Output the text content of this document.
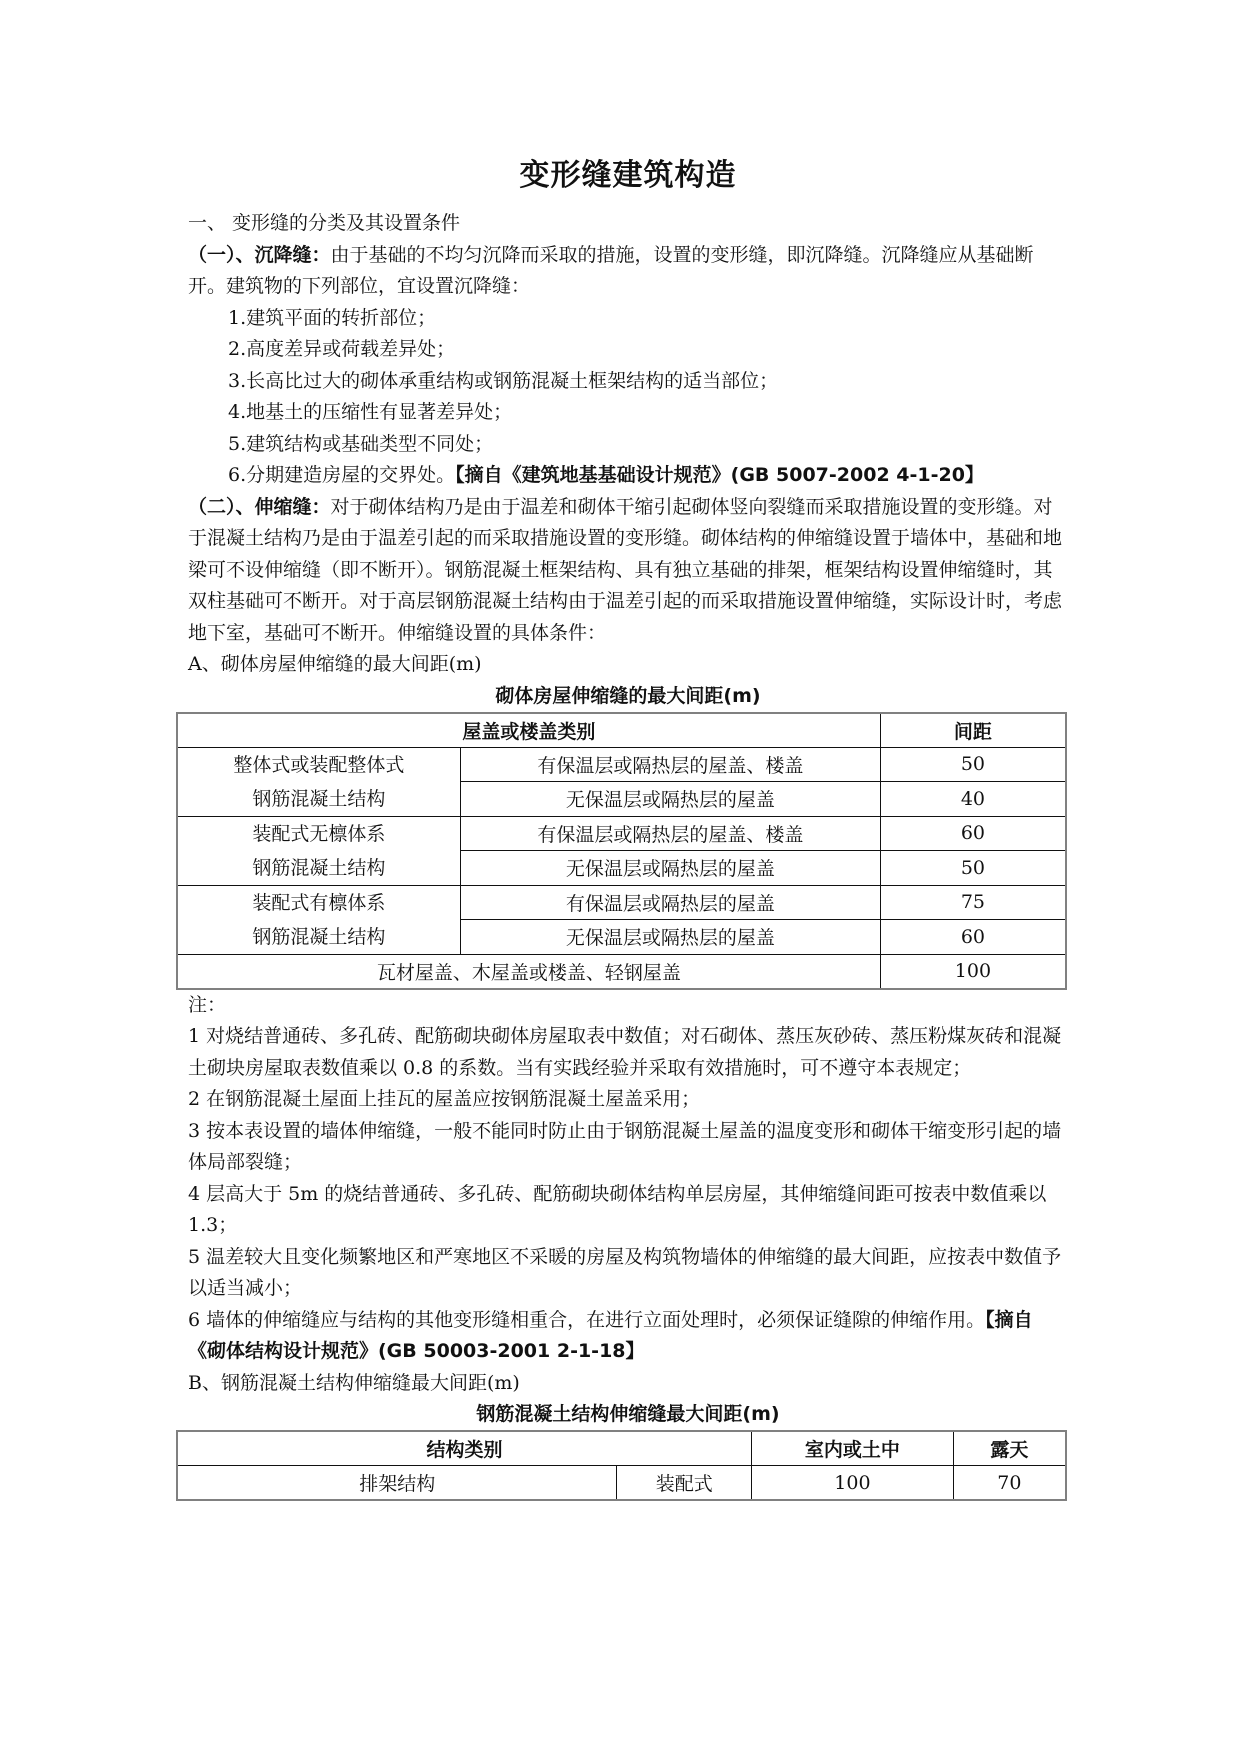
变形缝建筑构造

一、 变形缝的分类及其设置条件

（一）、沉降缝：由于基础的不均匀沉降而采取的措施，设置的变形缝，即沉降缝。沉降缝应从基础断开。建筑物的下列部位，宜设置沉降缝：

1.建筑平面的转折部位；

2.高度差异或荷载差异处；

3.长高比过大的砌体承重结构或钢筋混凝土框架结构的适当部位；

4.地基土的压缩性有显著差异处；

5.建筑结构或基础类型不同处；

6.分期建造房屋的交界处。【摘自《建筑地基基础设计规范》(GB 5007-2002 4-1-20】

（二）、伸缩缝：对于砌体结构乃是由于温差和砌体干缩引起砌体竖向裂缝而采取措施设置的变形缝。对于混凝土结构乃是由于温差引起的而采取措施设置的变形缝。砌体结构的伸缩缝设置于墙体中，基础和地梁可不设伸缩缝（即不断开）。钢筋混凝土框架结构、具有独立基础的排架，框架结构设置伸缩缝时，其双柱基础可不断开。对于高层钢筋混凝土结构由于温差引起的而采取措施设置伸缩缝，实际设计时，考虑地下室，基础可不断开。伸缩缝设置的具体条件：

A、砌体房屋伸缩缝的最大间距(m)

砌体房屋伸缩缝的最大间距(m)
屋盖或楼盖类别		间距

整体式或装配整体式
钢筋混凝土结构	有保温层或隔热层的屋盖、楼盖	50
	无保温层或隔热层的屋盖	40

装配式无檩体系
钢筋混凝土结构	有保温层或隔热层的屋盖、楼盖	60
	无保温层或隔热层的屋盖	50

装配式有檩体系
钢筋混凝土结构	有保温层或隔热层的屋盖	75
	无保温层或隔热层的屋盖	60
瓦材屋盖、木屋盖或楼盖、轻钢屋盖		100

注：

1 对烧结普通砖、多孔砖、配筋砌块砌体房屋取表中数值；对石砌体、蒸压灰砂砖、蒸压粉煤灰砖和混凝土砌块房屋取表数值乘以 0.8 的系数。当有实践经验并采取有效措施时，可不遵守本表规定；

2 在钢筋混凝土屋面上挂瓦的屋盖应按钢筋混凝土屋盖采用；

3 按本表设置的墙体伸缩缝，一般不能同时防止由于钢筋混凝土屋盖的温度变形和砌体干缩变形引起的墙体局部裂缝；

4 层高大于 5m 的烧结普通砖、多孔砖、配筋砌块砌体结构单层房屋，其伸缩缝间距可按表中数值乘以 1.3；

5 温差较大且变化频繁地区和严寒地区不采暖的房屋及构筑物墙体的伸缩缝的最大间距，应按表中数值予以适当减小；

6 墙体的伸缩缝应与结构的其他变形缝相重合，在进行立面处理时，必须保证缝隙的伸缩作用。【摘自《砌体结构设计规范》(GB 50003-2001 2-1-18】

B、钢筋混凝土结构伸缩缝最大间距(m)

钢筋混凝土结构伸缩缝最大间距(m)
结构类别		室内或土中	露天
排架结构	装配式	100	70
